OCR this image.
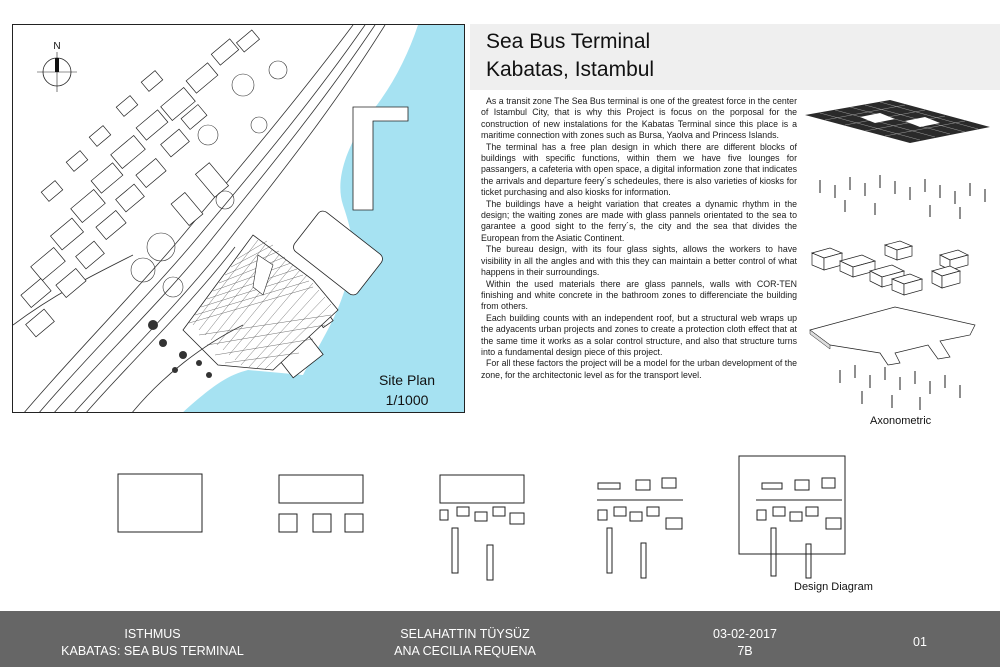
N
Site Plan
1/1000
Sea Bus Terminal
Kabatas, Istambul

As a transit zone The Sea Bus terminal is one of the greatest force in the center of Istambul City, that is why this Project is focus on the porposal for the construction of new instalations for the Kabatas Terminal since this place is a maritime connection with zones such as Bursa, Yaolva and Princess Islands.

The terminal has a free plan design in which there are different blocks of buildings with specific functions, within them we have five lounges for passangers, a cafeteria with open space, a digital information zone that indicates the arrivals and departure feery´s schedeules, there is also varieties of kiosks for ticket purchasing and also kiosks for information.

The buildings have a height variation that creates a dynamic rhythm in the design; the waiting zones are made with glass pannels orientated to the sea to garantee a good sight to the ferry´s, the city and the sea that divides the European from the Asiatic Continent.

The bureau design, with its four glass sights, allows the workers to have visibility in all the angles and with this they can maintain a better control of what happens in their surroundings.

Within the used materials there are glass pannels, walls with COR-TEN finishing and white concrete in the bathroom zones to differenciate the building from others.

Each building counts with an independent roof, but a structural web wraps up the adyacents urban projects and zones to create a protection cloth effect that at the same time it works as a solar control structure, and also that structure turns into a fundamental design piece of this project.

For all these factors the project will be a model for the urban development of the zone, for the architectonic level as for the transport level.

Axonometric
Design Diagram
ISTHMUS
KABATAS: SEA BUS TERMINAL
SELAHATTIN TÜYSÜZ
ANA CECILIA REQUENA
03-02-2017
7B
01
